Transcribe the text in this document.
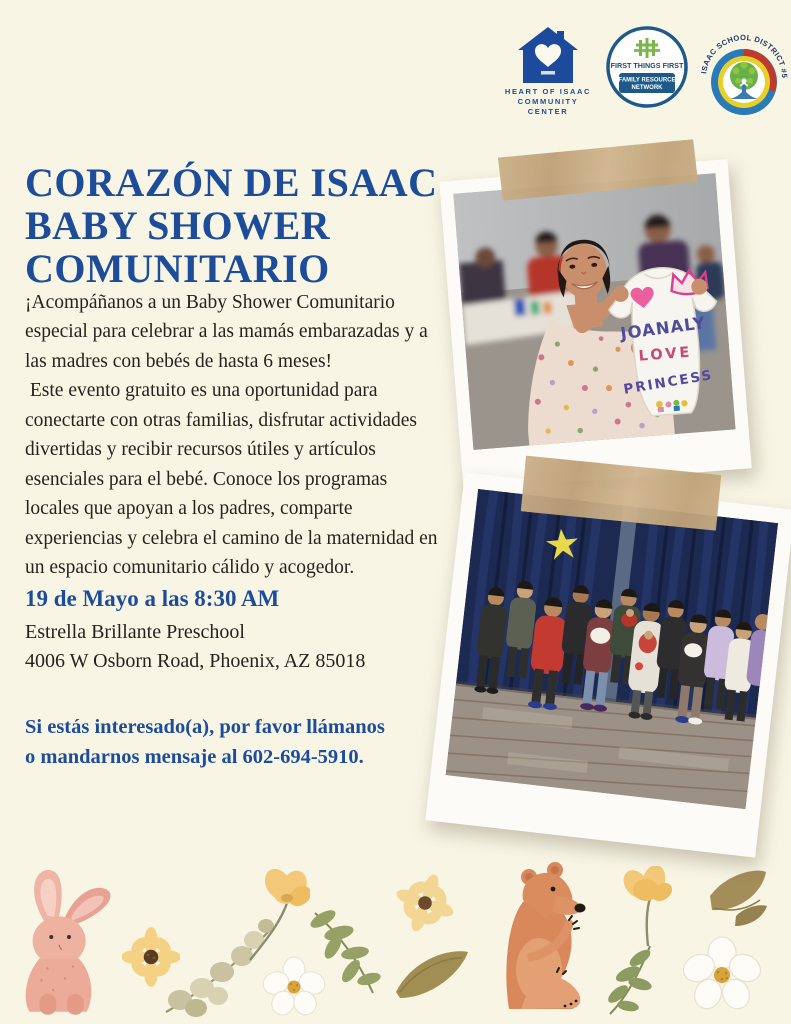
HEART OF ISAAC
COMMUNITY CENTER
FIRST THINGS FIRST
FAMILY RESOURCE
NETWORK
ISAAC SCHOOL DISTRICT #5
CORAZÓN DE ISAAC
BABY SHOWER
COMUNITARIO

¡Acompáñanos a un Baby Shower Comunitario especial para celebrar a las mamás embarazadas y a las madres con bebés de hasta 6 meses!

Este evento gratuito es una oportunidad para conectarte con otras familias, disfrutar actividades divertidas y recibir recursos útiles y artículos esenciales para el bebé. Conoce los programas locales que apoyan a los padres, comparte experiencias y celebra el camino de la maternidad en un espacio comunitario cálido y acogedor.

19 de Mayo a las 8:30 AM

Estrella Brillante Preschool

4006 W Osborn Road, Phoenix, AZ 85018

Si estás interesado(a), por favor llámanos
o mandarnos mensaje al 602-694-5910.
JOANALY
LOVE
PRINCESS
